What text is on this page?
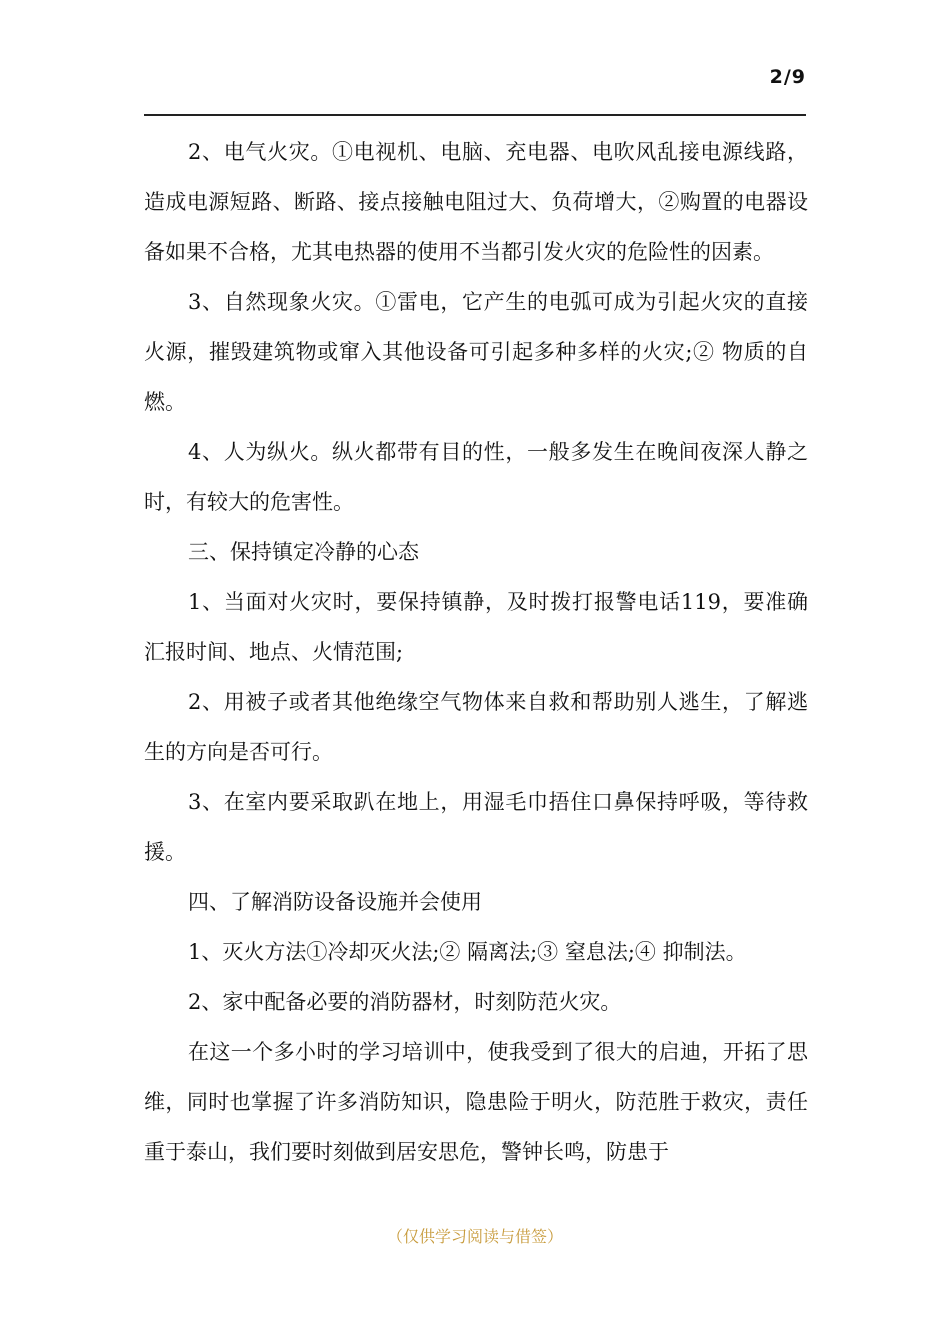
2/9

2、电气火灾。①电视机、电脑、充电器、电吹风乱接电源线路，造成电源短路、断路、接点接触电阻过大、负荷增大，②购置的电器设备如果不合格，尤其电热器的使用不当都引发火灾的危险性的因素。

3、自然现象火灾。①雷电，它产生的电弧可成为引起火灾的直接火源，摧毁建筑物或窜入其他设备可引起多种多样的火灾;② 物质的自燃。

4、人为纵火。纵火都带有目的性，一般多发生在晚间夜深人静之时，有较大的危害性。

三、保持镇定冷静的心态

1、当面对火灾时，要保持镇静，及时拨打报警电话119，要准确汇报时间、地点、火情范围;

2、用被子或者其他绝缘空气物体来自救和帮助别人逃生，了解逃生的方向是否可行。

3、在室内要采取趴在地上，用湿毛巾捂住口鼻保持呼吸，等待救援。

四、了解消防设备设施并会使用

1、灭火方法①冷却灭火法;② 隔离法;③ 窒息法;④ 抑制法。

2、家中配备必要的消防器材，时刻防范火灾。

在这一个多小时的学习培训中，使我受到了很大的启迪，开拓了思维，同时也掌握了许多消防知识，隐患险于明火，防范胜于救灾，责任重于泰山，我们要时刻做到居安思危，警钟长鸣，防患于

（仅供学习阅读与借签）
